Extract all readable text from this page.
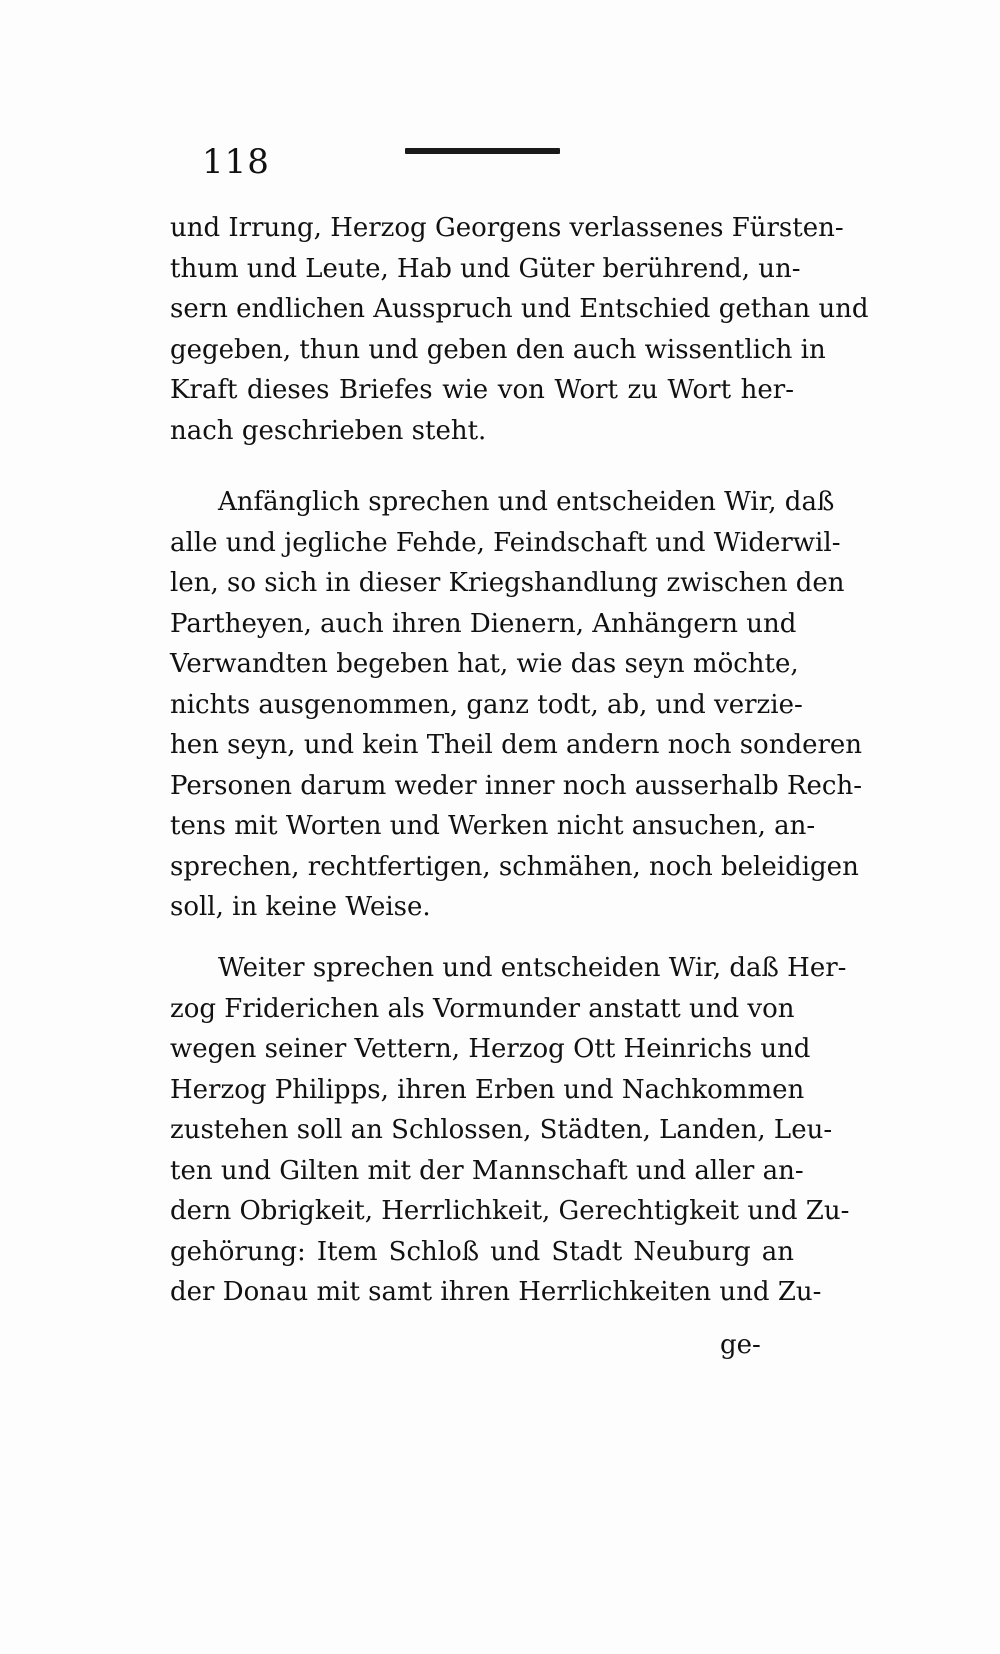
118
und Irrung, Herzog Georgens verlassenes Fürsten-
thum und Leute, Hab und Güter berührend, un-
sern endlichen Ausspruch und Entschied gethan und
gegeben, thun und geben den auch wissentlich in
Kraft dieses Briefes wie von Wort zu Wort her-
nach geschrieben steht.
Anfänglich sprechen und entscheiden Wir, daß
alle und jegliche Fehde, Feindschaft und Widerwil-
len, so sich in dieser Kriegshandlung zwischen den
Partheyen, auch ihren Dienern, Anhängern und
Verwandten begeben hat, wie das seyn möchte,
nichts ausgenommen, ganz todt, ab, und verzie-
hen seyn, und kein Theil dem andern noch sonderen
Personen darum weder inner noch ausserhalb Rech-
tens mit Worten und Werken nicht ansuchen, an-
sprechen, rechtfertigen, schmähen, noch beleidigen
soll, in keine Weise.
Weiter sprechen und entscheiden Wir, daß Her-
zog Friderichen als Vormunder anstatt und von
wegen seiner Vettern, Herzog Ott Heinrichs und
Herzog Philipps, ihren Erben und Nachkommen
zustehen soll an Schlossen, Städten, Landen, Leu-
ten und Gilten mit der Mannschaft und aller an-
dern Obrigkeit, Herrlichkeit, Gerechtigkeit und Zu-
gehörung: Item Schloß und Stadt Neuburg an
der Donau mit samt ihren Herrlichkeiten und Zu-
ge-
